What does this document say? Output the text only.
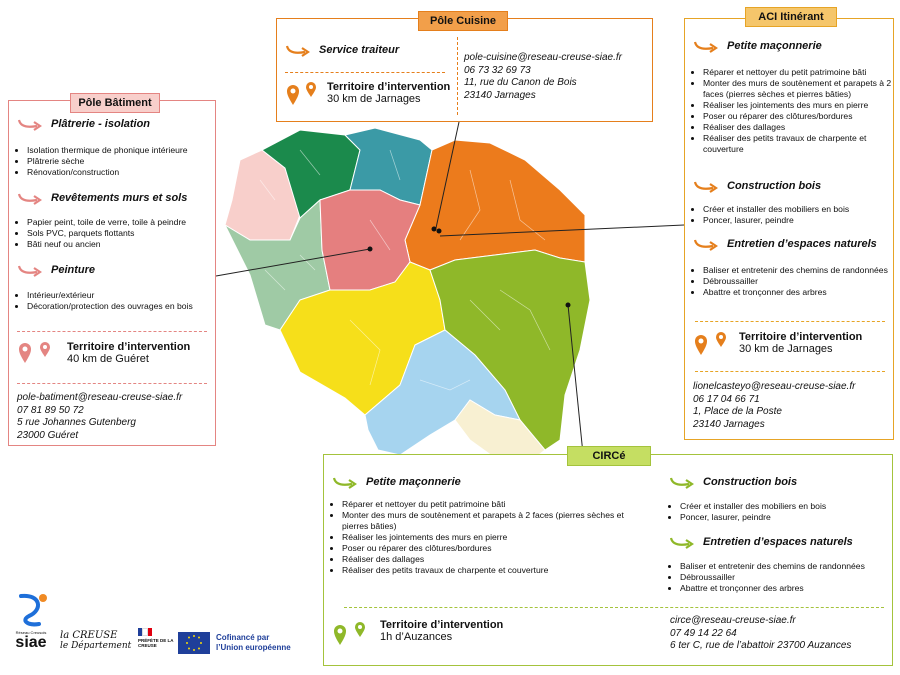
Plâtrerie - isolation
• Isolation thermique de phonique intérieure
• Plâtrerie sèche
• Rénovation/construction
Revêtements murs et sols
• Papier peint, toile de verre, toile à peindre
• Sols PVC, parquets flottants
• Bâti neuf ou ancien
Peinture
• Intérieur/extérieur
• Décoration/protection des ouvrages en bois
Territoire d’intervention
40 km de Guéret
pole-batiment@reseau-creuse-siae.fr
07 81 89 50 72
5 rue Johannes Gutenberg
23000 Guéret
Pôle Bâtiment
Service traiteur
Territoire d’intervention
30 km de Jarnages
pole-cuisine@reseau-creuse-siae.fr
06 73 32 69 73
11, rue du Canon de Bois
23140 Jarnages
Pôle Cuisine
Petite maçonnerie
• Réparer et nettoyer du petit patrimoine bâti
• Monter des murs de soutènement et parapets à 2 faces (pierres sèches et pierres bâties)
• Réaliser les jointements des murs en pierre
• Poser ou réparer des clôtures/bordures
• Réaliser des dallages
• Réaliser des petits travaux de charpente et couverture
Construction bois
• Créer et installer des mobiliers en bois
• Poncer, lasurer, peindre
Entretien d’espaces naturels
• Baliser et entretenir des chemins de randonnées
• Débroussailler
• Abattre et tronçonner des arbres
Territoire d’intervention
30 km de Jarnages
lionelcasteyo@reseau-creuse-siae.fr
06 17 04 66 71
1, Place de la Poste
23140 Jarnages
ACI Itinérant
Petite maçonnerie
• Réparer et nettoyer du petit patrimoine bâti
• Monter des murs de soutènement et parapets à 2 faces (pierres sèches et pierres bâties)
• Réaliser les jointements des murs en pierre
• Poser ou réparer des clôtures/bordures
• Réaliser des dallages
• Réaliser des petits travaux de charpente et couverture
Construction bois
• Créer et installer des mobiliers en bois
• Poncer, lasurer, peindre
Entretien d’espaces naturels
• Baliser et entretenir des chemins de randonnées
• Débroussailler
• Abattre et tronçonner des arbres
Territoire d’intervention
1h d’Auzances
circe@reseau-creuse-siae.fr
07 49 14 22 64
6 ter C, rue de l’abattoir 23700 Auzances
CIRCé
Réseau Creusois
siae	la CREUSE
le Département
PRÉFÈTE DE LA CREUSE
Cofinancé par
l’Union européenne
